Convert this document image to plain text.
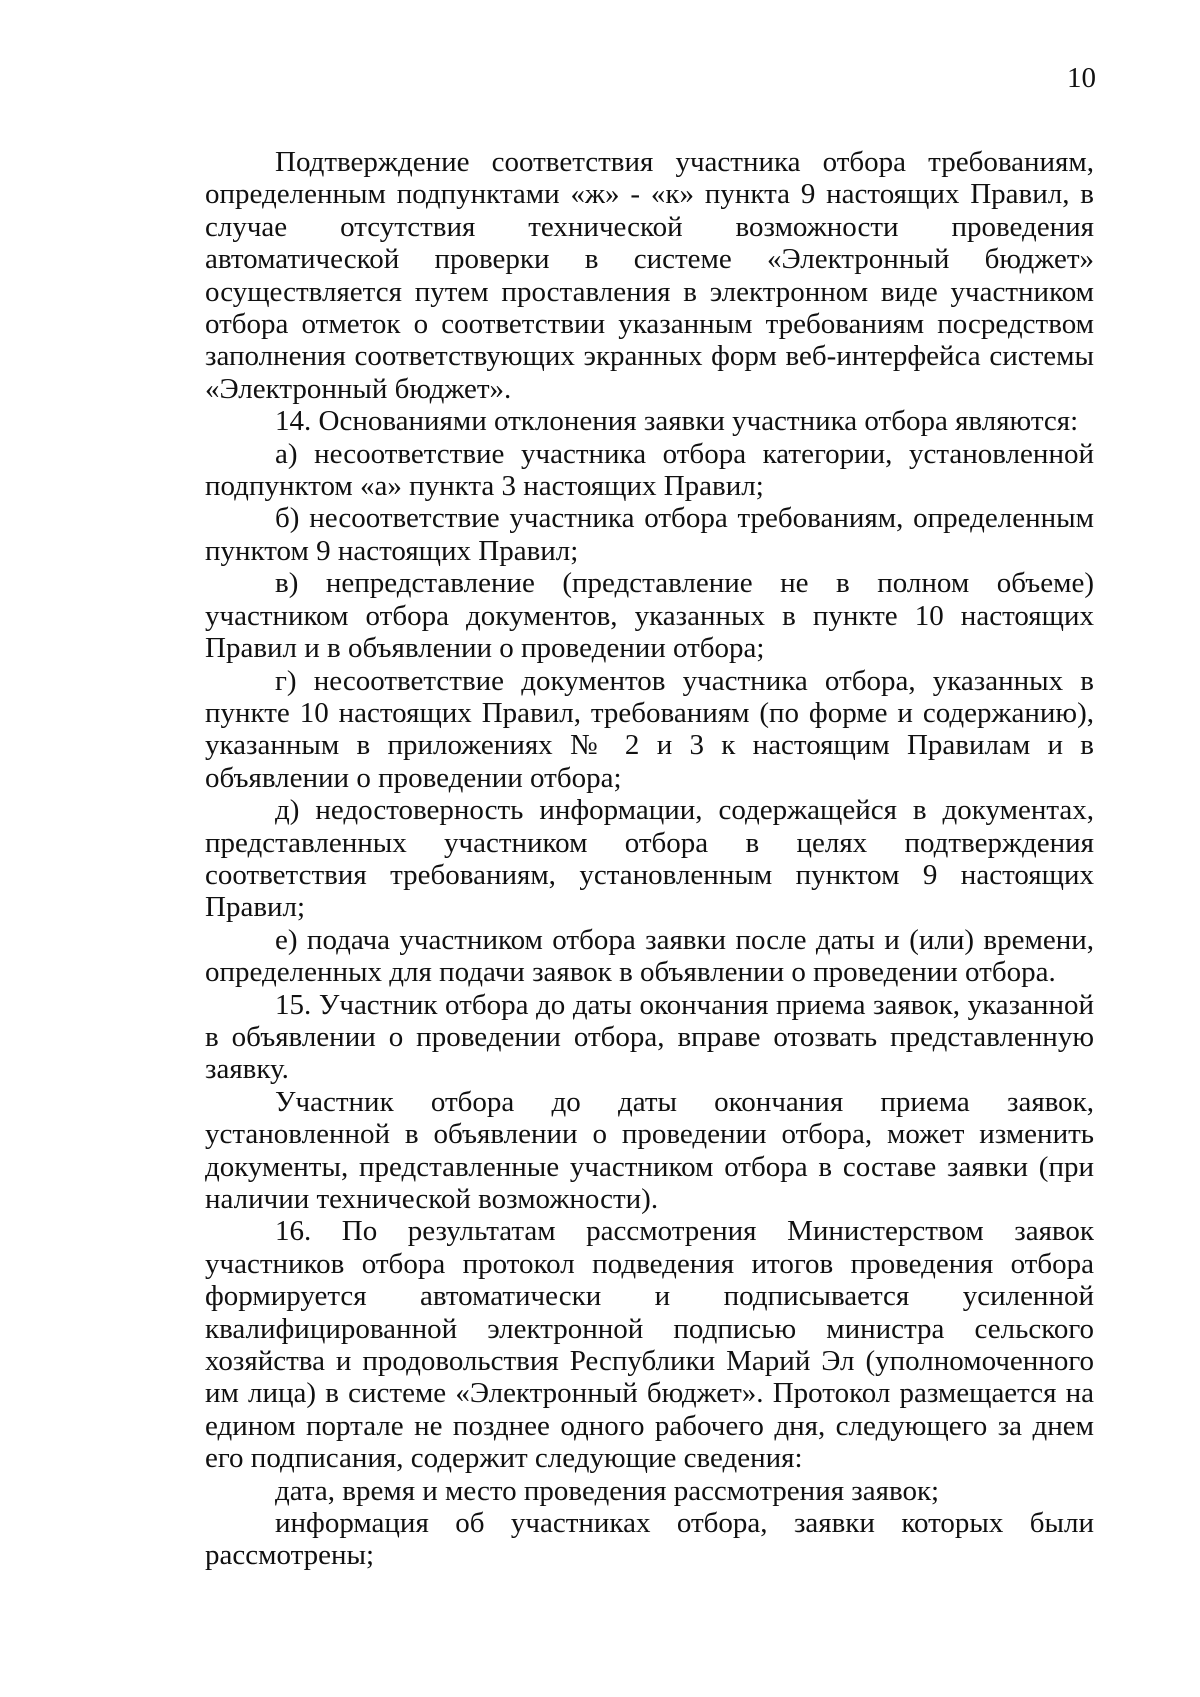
10

Подтверждение соответствия участника отбора требованиям, определенным подпунктами «ж» - «к» пункта 9 настоящих Правил, в случае отсутствия технической возможности проведения автоматической проверки в системе «Электронный бюджет» осуществляется путем проставления в электронном виде участником отбора отметок о соответствии указанным требованиям посредством заполнения соответствующих экранных форм веб-интерфейса системы «Электронный бюджет».

14. Основаниями отклонения заявки участника отбора являются:

а) несоответствие участника отбора категории, установленной подпунктом «а» пункта 3 настоящих Правил;

б) несоответствие участника отбора требованиям, определенным пунктом 9 настоящих Правил;

в) непредставление (представление не в полном объеме) участником отбора документов, указанных в пункте 10 настоящих Правил и в объявлении о проведении отбора;

г) несоответствие документов участника отбора, указанных в пункте 10 настоящих Правил, требованиям (по форме и содержанию), указанным в приложениях № 2 и 3 к настоящим Правилам и в объявлении о проведении отбора;

д) недостоверность информации, содержащейся в документах, представленных участником отбора в целях подтверждения соответствия требованиям, установленным пунктом 9 настоящих Правил;

е) подача участником отбора заявки после даты и (или) времени, определенных для подачи заявок в объявлении о проведении отбора.

15. Участник отбора до даты окончания приема заявок, указанной в объявлении о проведении отбора, вправе отозвать представленную заявку.

Участник отбора до даты окончания приема заявок, установленной в объявлении о проведении отбора, может изменить документы, представленные участником отбора в составе заявки (при наличии технической возможности).

16. По результатам рассмотрения Министерством заявок участников отбора протокол подведения итогов проведения отбора формируется автоматически и подписывается усиленной квалифицированной электронной подписью министра сельского хозяйства и продовольствия Республики Марий Эл (уполномоченного им лица) в системе «Электронный бюджет». Протокол размещается на едином портале не позднее одного рабочего дня, следующего за днем его подписания, содержит следующие сведения:

дата, время и место проведения рассмотрения заявок;

информация об участниках отбора, заявки которых были рассмотрены;
